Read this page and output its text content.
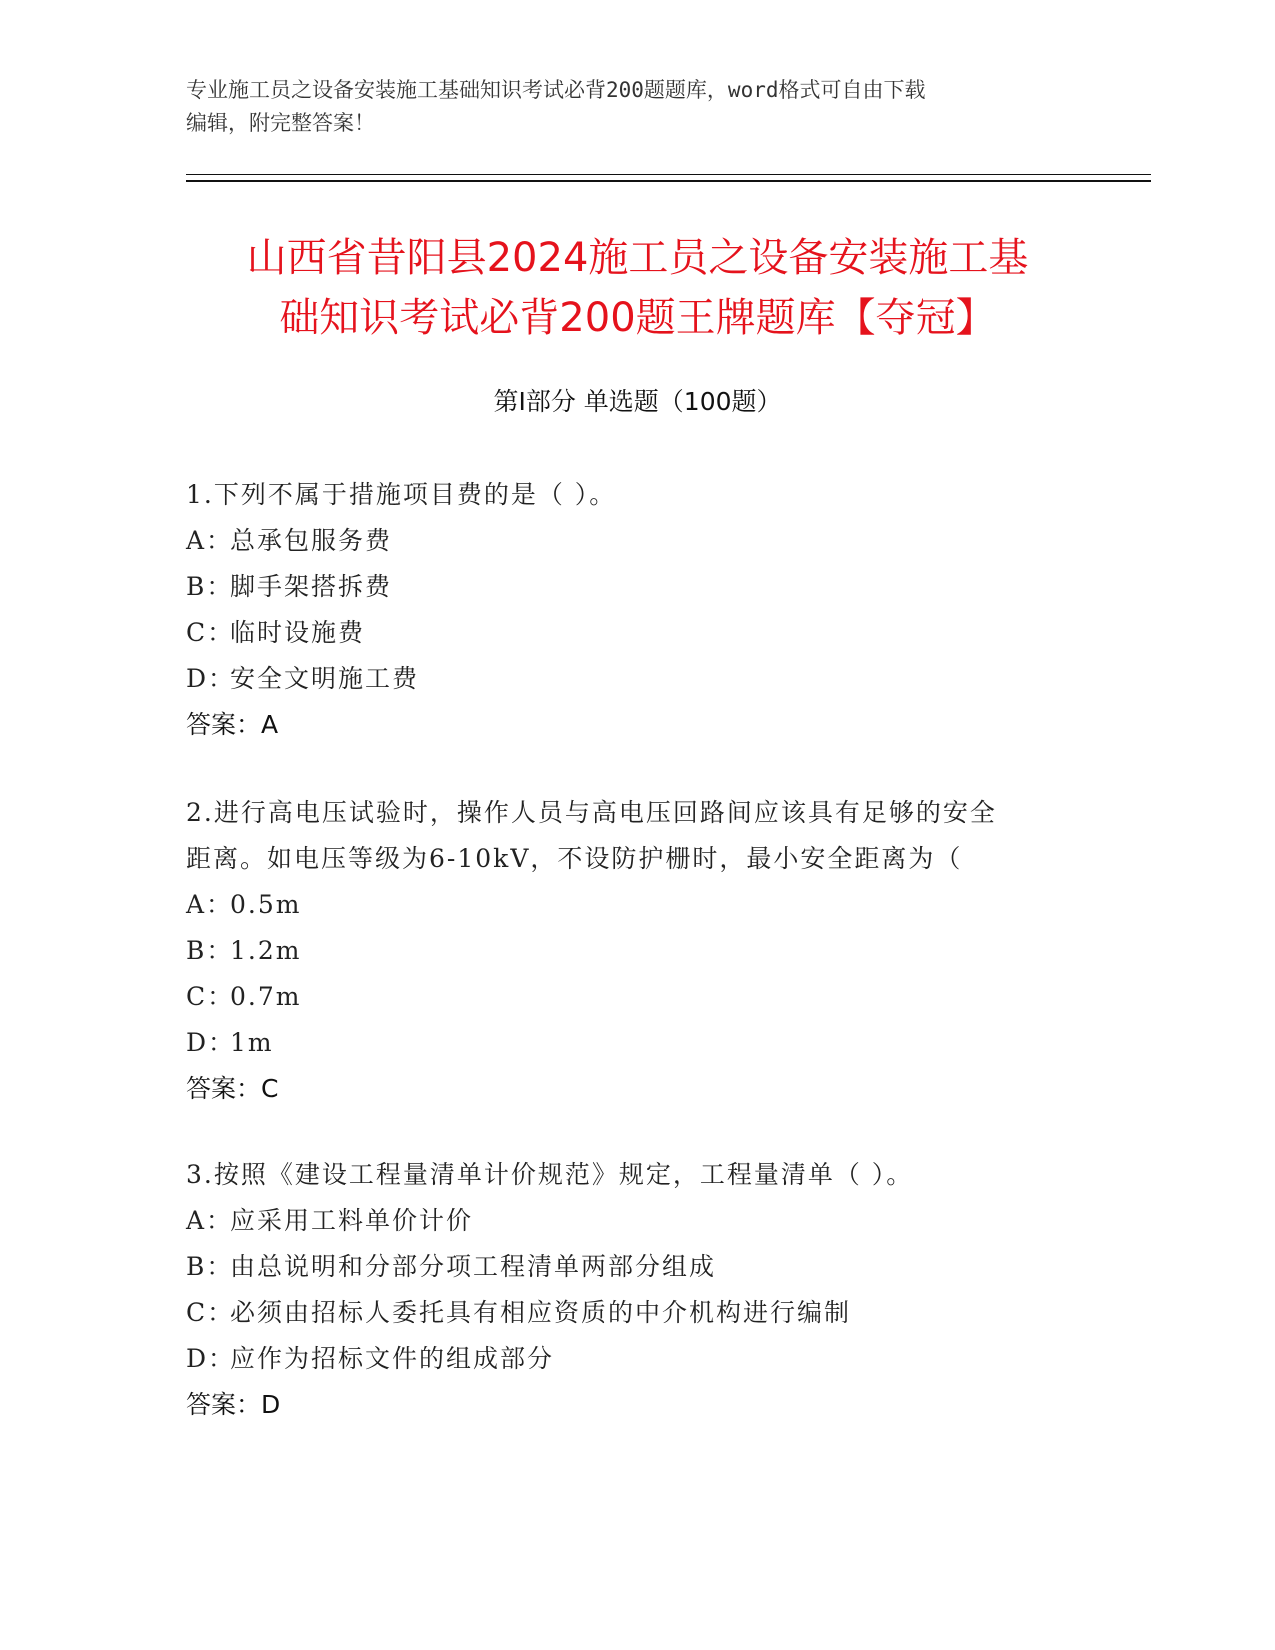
专业施工员之设备安装施工基础知识考试必背200题题库，word格式可自由下载
编辑，附完整答案！
山西省昔阳县2024施工员之设备安装施工基
础知识考试必背200题王牌题库【夺冠】
第I部分 单选题（100题）
1.下列不属于措施项目费的是（ ）。
A：总承包服务费
B：脚手架搭拆费
C：临时设施费
D：安全文明施工费
答案：A
2.进行高电压试验时，操作人员与高电压回路间应该具有足够的安全
距离。如电压等级为6-10kV，不设防护栅时，最小安全距离为（
A：0.5m
B：1.2m
C：0.7m
D：1m
答案：C
3.按照《建设工程量清单计价规范》规定，工程量清单（ ）。
A：应采用工料单价计价
B：由总说明和分部分项工程清单两部分组成
C：必须由招标人委托具有相应资质的中介机构进行编制
D：应作为招标文件的组成部分
答案：D
